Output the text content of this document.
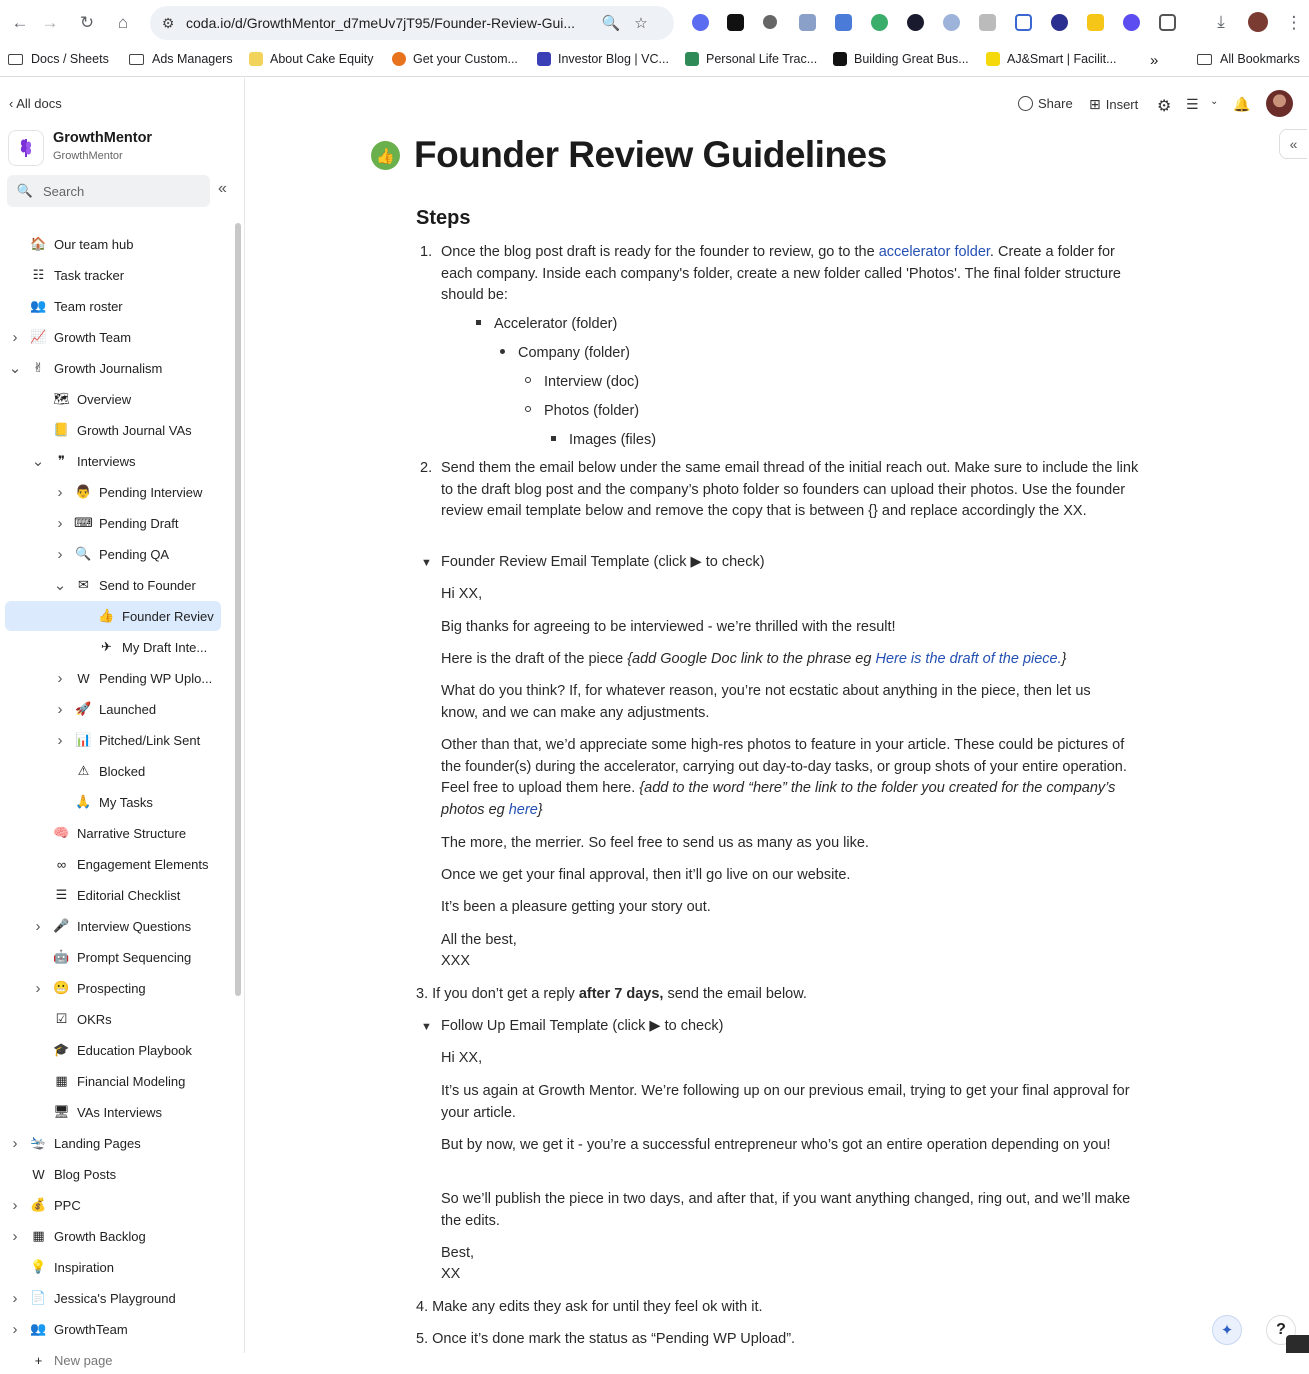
← → ↻	⌂	⚙ coda.io/d/GrowthMentor_d7meUv7jT95/Founder-Review-Gui...	🔍 ☆	⤓	⋮
Docs / Sheets	Ads Managers	About Cake Equity	Get your Custom...	Investor Blog | VC...	Personal Life Trac...	Building Great Bus...	AJ&Smart | Facilit... »	All Bookmarks
‹ All docs
GrowthMentor
GrowthMentor
🔍 Search	«
🏠 Our team hub
☷ Task tracker
👥 Team roster
› 📈 Growth Team
⌄ ✌ Growth Journalism
🗺 Overview
📒 Growth Journal VAs
⌄	❞ Interviews
› 👨 Pending Interview
› ⌨ Pending Draft
› 🔍 Pending QA
⌄ ✉ Send to Founder
👍 Founder Reviev
✈ My Draft Inte...
›	W Pending WP Uplo...
› 🚀 Launched
› 📊 Pitched/Link Sent
⚠ Blocked
🙏 My Tasks
🧠 Narrative Structure
∞ Engagement Elements
☰ Editorial Checklist
› 🎤 Interview Questions
🤖 Prompt Sequencing
› 😬 Prospecting
☑ OKRs
🎓 Education Playbook
▦ Financial Modeling
🖥 VAs Interviews
› 🛬 Landing Pages
W Blog Posts
› 💰 PPC
›	▦ Growth Backlog
💡 Inspiration
› 📄 Jessica's Playground
› 👥 GrowthTeam
+ New page
Share ⊞ Insert ⚙ ☰ ⌄ 🔔
«
👍 Founder Review Guidelines
Steps
1. Once the blog post draft is ready for the founder to review, go to the accelerator folder. Create a folder for each company. Inside each company's folder, create a new folder called 'Photos'. The final folder structure should be:
Accelerator (folder)
Company (folder)
Interview (doc)
Photos (folder)
Images (files)
2. Send them the email below under the same email thread of the initial reach out. Make sure to include the link to the draft blog post and the company’s photo folder so founders can upload their photos. Use the founder review email template below and remove the copy that is between {} and replace accordingly the XX.
▼ Founder Review Email Template (click ▶ to check)
Hi XX,
Big thanks for agreeing to be interviewed - we’re thrilled with the result!
Here is the draft of the piece {add Google Doc link to the phrase eg Here is the draft of the piece.}
What do you think? If, for whatever reason, you’re not ecstatic about anything in the piece, then let us know, and we can make any adjustments.
Other than that, we’d appreciate some high-res photos to feature in your article. These could be pictures of the founder(s) during the accelerator, carrying out day-to-day tasks, or group shots of your entire operation. Feel free to upload them here. {add to the word “here” the link to the folder you created for the company’s photos eg here}
The more, the merrier. So feel free to send us as many as you like.
Once we get your final approval, then it’ll go live on our website.
It’s been a pleasure getting your story out.
All the best,
XXX
3. If you don’t get a reply after 7 days, send the email below.
▼ Follow Up Email Template (click ▶ to check)
Hi XX,
It’s us again at Growth Mentor. We’re following up on our previous email, trying to get your final approval for your article.
But by now, we get it - you’re a successful entrepreneur who’s got an entire operation depending on you!
So we’ll publish the piece in two days, and after that, if you want anything changed, ring out, and we’ll make the edits.
Best,
XX
4. Make any edits they ask for until they feel ok with it.
5. Once it’s done mark the status as “Pending WP Upload”.	✦	?
